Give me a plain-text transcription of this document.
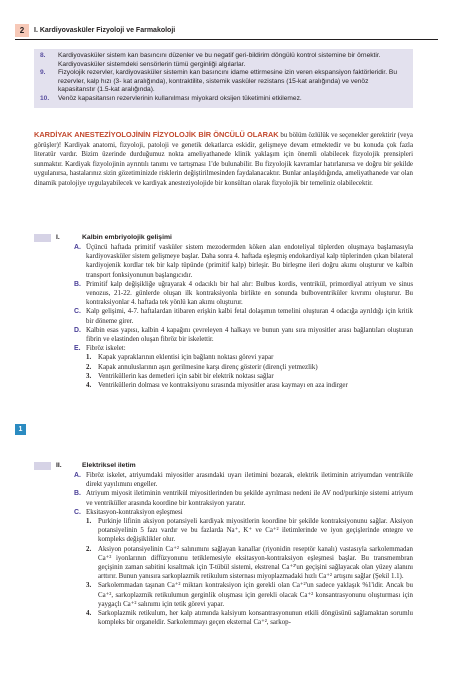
2	I. Kardiyovasküler Fizyoloji ve Farmakoloji
8.	Kardiyovasküler sistem kan basıncını düzenler ve bu negatif geri-bildirim döngülü kontrol sistemine bir örnektir. Kardiyovasküler sistemdeki sensörlerin tümü gerginliği algılarlar.
9.	Fizyolojik rezervler, kardiyovasküler sistemin kan basıncını idame ettirmesine izin veren ekspansiyon faktörleridir. Bu rezervler, kalp hızı (3- kat aralığında), kontraktilite, sistemik vasküler rezistans (15-kat aralığında) ve venöz kapasitanstır (1.5-kat aralığında).
10.	Venöz kapasitansın rezervlerinin kullanılması miyokard oksijen tüketimini etkilemez.

KARDİYAK ANESTEZİYOLOJİNİN FİZYOLOJİK BİR ÖNCÜLÜ OLARAK bu bölüm özlülük ve seçenekler gerektirir (veya görüşler)! Kardiyak anatomi, fizyoloji, patoloji ve genetik dekatlarca eskidir, gelişmeye devam etmektedir ve bu konuda çok fazla literatür vardır. Bizim üzerinde durduğumuz nokta ameliyathanede klinik yaklaşım için önemli olabilecek fizyolojik prensipleri sunmaktır. Kardiyak fizyolojinin ayrıntılı tanımı ve tartışması 1'de bulunabilir. Bu fizyolojik kavramlar hatırlanırsa ve doğru bir şekilde uygulanırsa, hastalarınız sizin gözetiminizde risklerin değiştirilmesinden faydalanacaktır. Bunlar anlaşıldığında, ameliyathanede var olan dinamik patolojiye uygulayabilecek ve kardiyak anesteziyolojide bir konsültan olarak fizyolojik bir temeliniz olabilecektir.

I.	Kalbin embriyolojik gelişimi
A. Üçüncü haftada primitif vasküler sistem mezodermden köken alan endoteliyal tüplerden oluşmaya başlamasıyla kardiyovasküler sistem gelişmeye başlar. Daha sonra 4. haftada eşleşmiş endokardiyal kalp tüplerinden çıkan bilateral kardiyojenik kordlar tek bir kalp tüpünde (primitif kalp) birleşir. Bu birleşme ileri doğru akımı oluşturur ve kalbin transport fonksiyonunun başlangıcıdır.
B. Primitif kalp değişikliğe uğrayarak 4 odacıklı bir hal alır: Bulbus kordis, ventrikül, primordiyal atriyum ve sinus venozus, 21-22. günlerde oluşan ilk kontraksiyonla birlikte en sonunda bulboventriküler kıvrımı oluşturur. Bu kontraksiyonlar 4. haftada tek yönlü kan akımı oluşturur.
C. Kalp gelişimi, 4-7. haftalardan itibaren erişkin kalbi fetal dolaşımın temelini oluşturan 4 odacığa ayrıldığı için kritik bir döneme girer.
D. Kalbin esas yapısı, kalbin 4 kapağını çevreleyen 4 halkayı ve bunun yanı sıra miyositler arası bağlantıları oluşturan fibrin ve elastinden oluşan fibröz bir iskelettir.
E. Fibröz iskelet:
1. Kapak yapraklarının eklentisi için bağlantı noktası görevi yapar
2. Kapak annuluslarının aşırı gerilmesine karşı direnç gösterir (dirençli yetmezlik)
3. Ventriküllerin kas demetleri için sabit bir elektrik noktası sağlar
4. Ventriküllerin dolması ve kontraksiyonu sırasında miyositler arası kaymayı en aza indirger
1
II.	Elektriksel iletim
A. Fibröz iskelet, atriyumdaki miyositler arasındaki uyarı iletimini bozarak, elektrik iletiminin atriyumdan ventriküle direkt yayılımını engeller.
B. Atriyum miyosit iletiminin ventrikül miyositlerinden bu şekilde ayrılması nedeni ile AV nod/purkinje sistemi atriyum ve ventriküller arasında koordine bir kontraksiyon yaratır.
C. Eksitasyon-kontraksiyon eşleşmesi
1. Purkinje lifinin aksiyon potansiyeli kardiyak miyositlerin koordine bir şekilde kontraksiyonunu sağlar. Aksiyon potansiyelinin 5 fazı vardır ve bu fazlarda Na⁺, K⁺ ve Ca⁺² iletimlerinde ve iyon geçişlerinde entegre ve kompleks değişiklikler olur.
2. Aksiyon potansiyelinin Ca⁺² salınımını sağlayan kanallar (riyonidin reseptör kanalı) vastasıyla sarkolemmadan Ca⁺² iyonlarının diffüzyonunu tetiklemesiyle eksitasyon-kontraksiyon eşleşmesi başlar. Bu transmembran geçişinin zaman sabitini kısaltmak için T-tübül sistemi, ekstrenal Ca⁺²'un geçişini sağlayacak olan yüzey alanını arttırır. Bunun yanısıra sarkoplazmik retikulum sisternası miyoplazmadaki hızlı Ca⁺² artışını sağlar (Şekil 1.1).
3. Sarkolemmadan taşınan Ca⁺² miktarı kontraksiyon için gerekli olan Ca⁺²'un sadece yaklaşık %1'idir. Ancak bu Ca⁺², sarkoplazmik retikulumun gerginlik oluşması için gerekli olacak Ca⁺² konsantrasyonunu oluşturması için yaygaçlı Ca⁺² salınımı için tetik görevi yapar.
4. Sarkoplazmik retikulum, her kalp atımında kalsiyum konsantrasyonunun etkili döngüsünü sağlamaktan sorumlu kompleks bir organeldir. Sarkolemmayı geçen eksternal Ca⁺², sarkop-
